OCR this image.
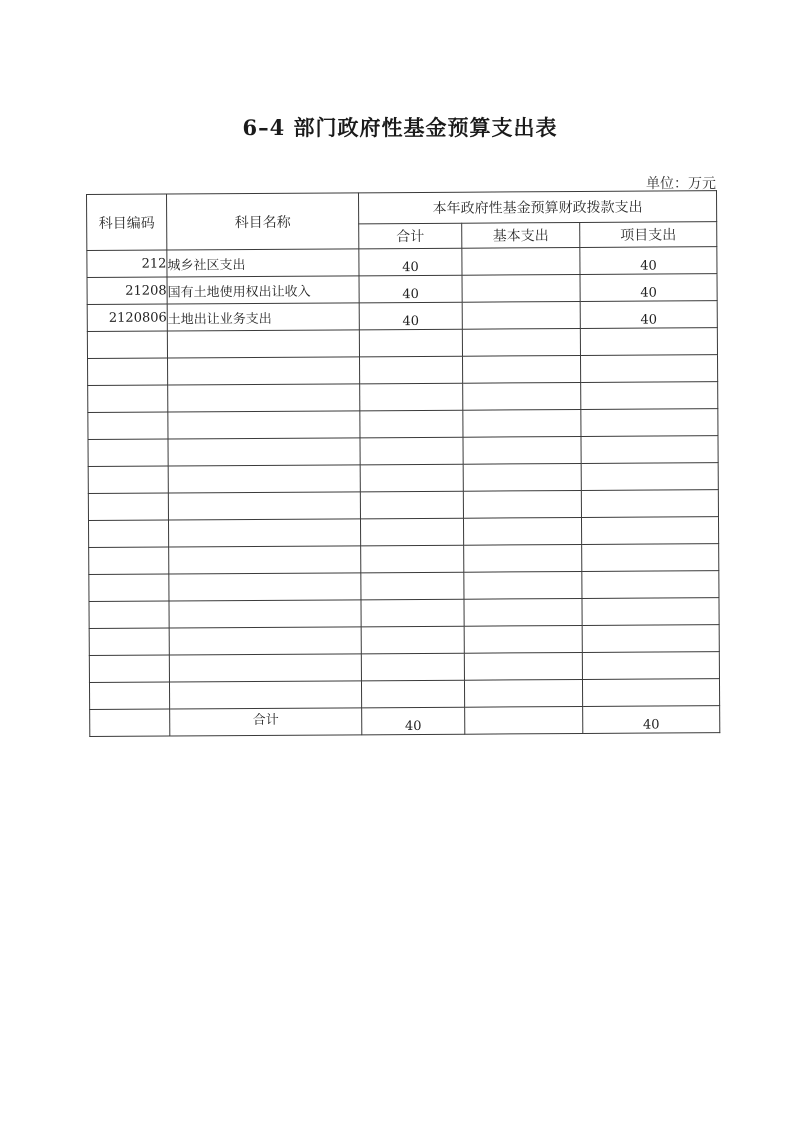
6–4 部门政府性基金预算支出表
单位：万元
科目编码	科目名称	本年政府性基金预算财政拨款支出		
		合计	基本支出	项目支出
212	城乡社区支出	40		40
21208	国有土地使用权出让收入	40		40
2120806	土地出让业务支出	40		40

	合计	40		40
